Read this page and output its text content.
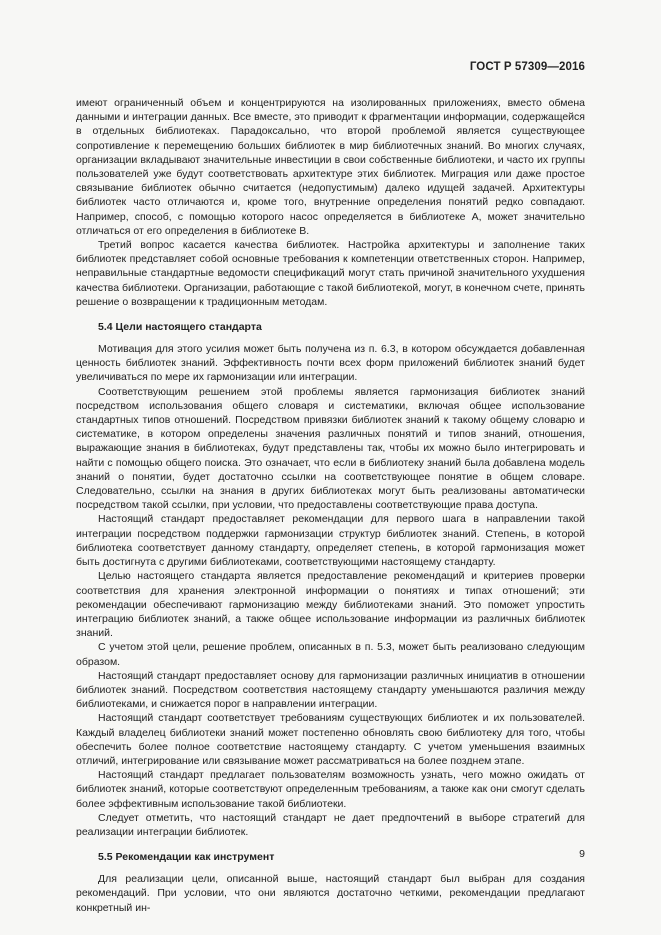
ГОСТ Р 57309—2016

имеют ограниченный объем и концентрируются на изолированных приложениях, вместо обмена данными и интеграции данных. Все вместе, это приводит к фрагментации информации, содержащейся в отдельных библиотеках. Парадоксально, что второй проблемой является существующее сопротивление к перемещению больших библиотек в мир библиотечных знаний. Во многих случаях, организации вкладывают значительные инвестиции в свои собственные библиотеки, и часто их группы пользователей уже будут соответствовать архитектуре этих библиотек. Миграция или даже простое связывание библиотек обычно считается (недопустимым) далеко идущей задачей. Архитектуры библиотек часто отличаются и, кроме того, внутренние определения понятий редко совпадают. Например, способ, с помощью которого насос определяется в библиотеке А, может значительно отличаться от его определения в библиотеке В.

Третий вопрос касается качества библиотек. Настройка архитектуры и заполнение таких библиотек представляет собой основные требования к компетенции ответственных сторон. Например, неправильные стандартные ведомости спецификаций могут стать причиной значительного ухудшения качества библиотеки. Организации, работающие с такой библиотекой, могут, в конечном счете, принять решение о возвращении к традиционным методам.

5.4 Цели настоящего стандарта

Мотивация для этого усилия может быть получена из п. 6.3, в котором обсуждается добавленная ценность библиотек знаний. Эффективность почти всех форм приложений библиотек знаний будет увеличиваться по мере их гармонизации или интеграции.

Соответствующим решением этой проблемы является гармонизация библиотек знаний посредством использования общего словаря и систематики, включая общее использование стандартных типов отношений. Посредством привязки библиотек знаний к такому общему словарю и систематике, в котором определены значения различных понятий и типов знаний, отношения, выражающие знания в библиотеках, будут представлены так, чтобы их можно было интегрировать и найти с помощью общего поиска. Это означает, что если в библиотеку знаний была добавлена модель знаний о понятии, будет достаточно ссылки на соответствующее понятие в общем словаре. Следовательно, ссылки на знания в других библиотеках могут быть реализованы автоматически посредством такой ссылки, при условии, что предоставлены соответствующие права доступа.

Настоящий стандарт предоставляет рекомендации для первого шага в направлении такой интеграции посредством поддержки гармонизации структур библиотек знаний. Степень, в которой библиотека соответствует данному стандарту, определяет степень, в которой гармонизация может быть достигнута с другими библиотеками, соответствующими настоящему стандарту.

Целью настоящего стандарта является предоставление рекомендаций и критериев проверки соответствия для хранения электронной информации о понятиях и типах отношений; эти рекомендации обеспечивают гармонизацию между библиотеками знаний. Это поможет упростить интеграцию библиотек знаний, а также общее использование информации из различных библиотек знаний.

С учетом этой цели, решение проблем, описанных в п. 5.3, может быть реализовано следующим образом.

Настоящий стандарт предоставляет основу для гармонизации различных инициатив в отношении библиотек знаний. Посредством соответствия настоящему стандарту уменьшаются различия между библиотеками, и снижается порог в направлении интеграции.

Настоящий стандарт соответствует требованиям существующих библиотек и их пользователей. Каждый владелец библиотеки знаний может постепенно обновлять свою библиотеку для того, чтобы обеспечить более полное соответствие настоящему стандарту. С учетом уменьшения взаимных отличий, интегрирование или связывание может рассматриваться на более позднем этапе.

Настоящий стандарт предлагает пользователям возможность узнать, чего можно ожидать от библиотек знаний, которые соответствуют определенным требованиям, а также как они смогут сделать более эффективным использование такой библиотеки.

Следует отметить, что настоящий стандарт не дает предпочтений в выборе стратегий для реализации интеграции библиотек.

5.5 Рекомендации как инструмент

Для реализации цели, описанной выше, настоящий стандарт был выбран для создания рекомендаций. При условии, что они являются достаточно четкими, рекомендации предлагают конкретный ин-

9
